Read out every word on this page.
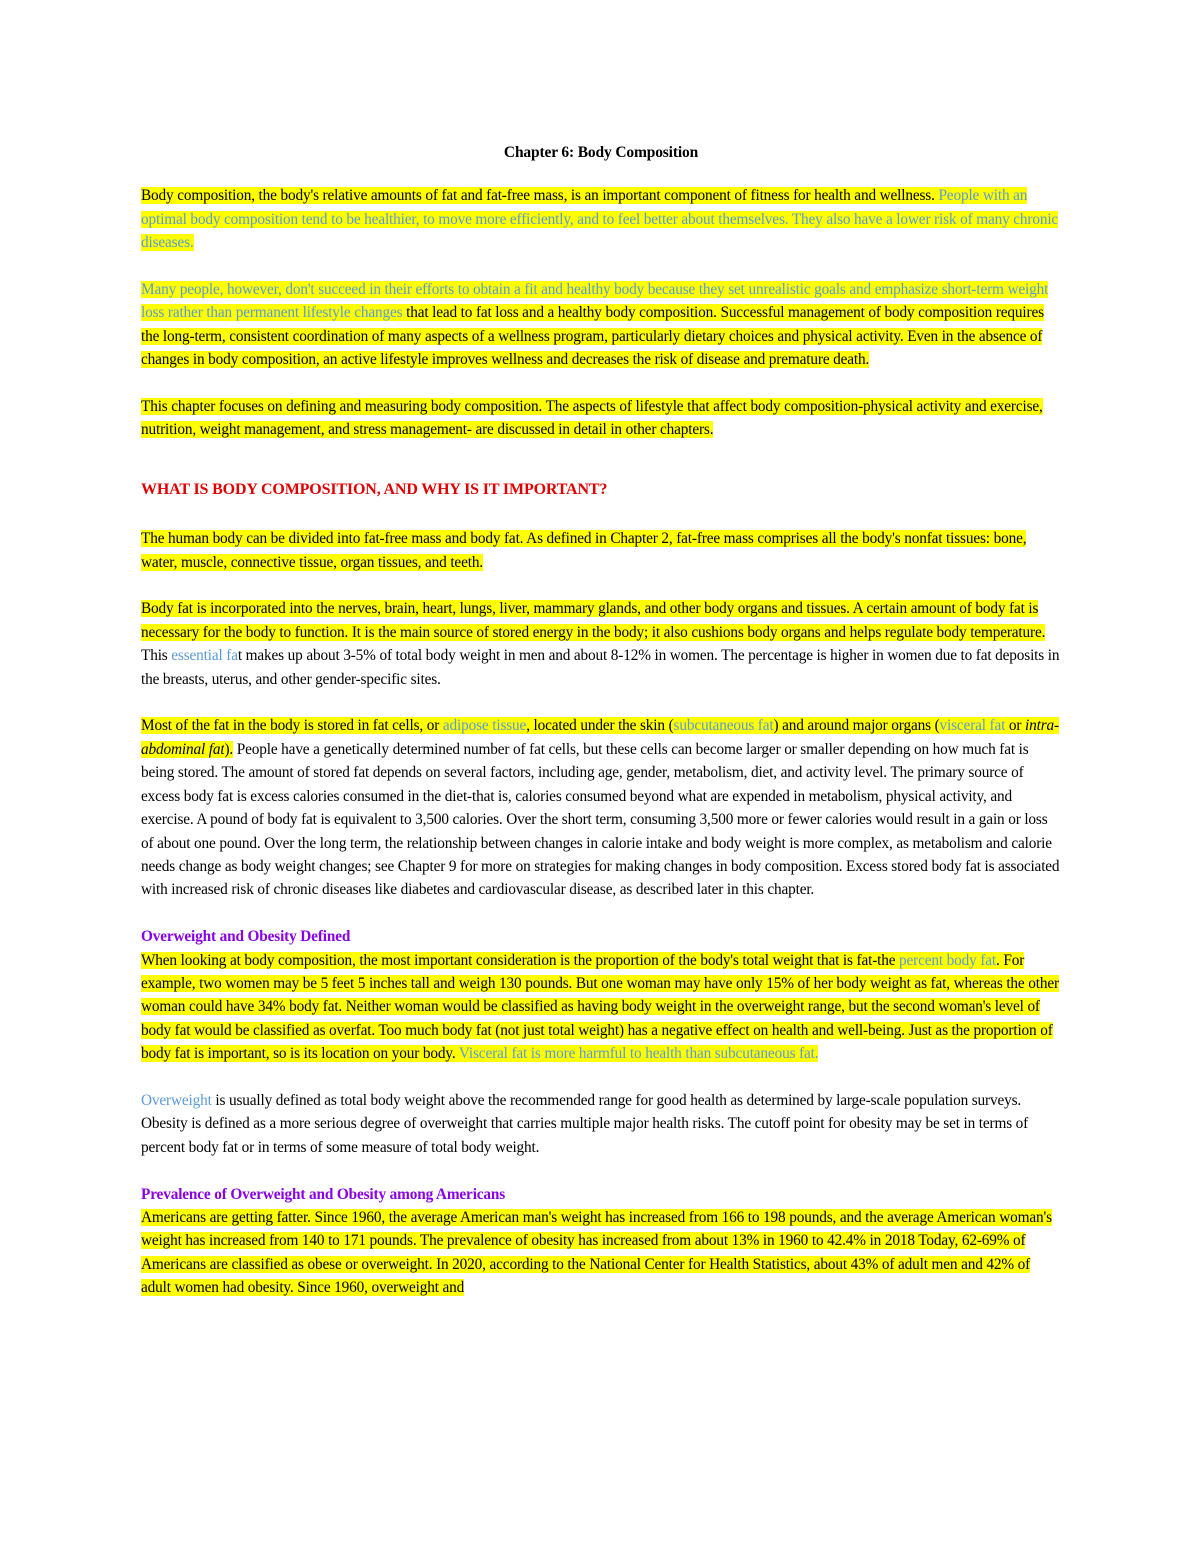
Chapter 6: Body Composition

Body composition, the body's relative amounts of fat and fat-free mass, is an important component of fitness for health and wellness. People with an optimal body composition tend to be healthier, to move more efficiently, and to feel better about themselves. They also have a lower risk of many chronic diseases.

Many people, however, don't succeed in their efforts to obtain a fit and healthy body because they set unrealistic goals and emphasize short-term weight loss rather than permanent lifestyle changes that lead to fat loss and a healthy body composition. Successful management of body composition requires the long-term, consistent coordination of many aspects of a wellness program, particularly dietary choices and physical activity. Even in the absence of changes in body composition, an active lifestyle improves wellness and decreases the risk of disease and premature death.

This chapter focuses on defining and measuring body composition. The aspects of lifestyle that affect body composition-physical activity and exercise, nutrition, weight management, and stress management- are discussed in detail in other chapters.

WHAT IS BODY COMPOSITION, AND WHY IS IT IMPORTANT?

The human body can be divided into fat-free mass and body fat. As defined in Chapter 2, fat-free mass comprises all the body's nonfat tissues: bone, water, muscle, connective tissue, organ tissues, and teeth.

Body fat is incorporated into the nerves, brain, heart, lungs, liver, mammary glands, and other body organs and tissues. A certain amount of body fat is necessary for the body to function. It is the main source of stored energy in the body; it also cushions body organs and helps regulate body temperature. This essential fat makes up about 3-5% of total body weight in men and about 8-12% in women. The percentage is higher in women due to fat deposits in the breasts, uterus, and other gender-specific sites.

Most of the fat in the body is stored in fat cells, or adipose tissue, located under the skin (subcutaneous fat) and around major organs (visceral fat or intra-abdominal fat). People have a genetically determined number of fat cells, but these cells can become larger or smaller depending on how much fat is being stored. The amount of stored fat depends on several factors, including age, gender, metabolism, diet, and activity level. The primary source of excess body fat is excess calories consumed in the diet-that is, calories consumed beyond what are expended in metabolism, physical activity, and exercise. A pound of body fat is equivalent to 3,500 calories. Over the short term, consuming 3,500 more or fewer calories would result in a gain or loss of about one pound. Over the long term, the relationship between changes in calorie intake and body weight is more complex, as metabolism and calorie needs change as body weight changes; see Chapter 9 for more on strategies for making changes in body composition. Excess stored body fat is associated with increased risk of chronic diseases like diabetes and cardiovascular disease, as described later in this chapter.

Overweight and Obesity Defined

When looking at body composition, the most important consideration is the proportion of the body's total weight that is fat-the percent body fat. For example, two women may be 5 feet 5 inches tall and weigh 130 pounds. But one woman may have only 15% of her body weight as fat, whereas the other woman could have 34% body fat. Neither woman would be classified as having body weight in the overweight range, but the second woman's level of body fat would be classified as overfat. Too much body fat (not just total weight) has a negative effect on health and well-being. Just as the proportion of body fat is important, so is its location on your body. Visceral fat is more harmful to health than subcutaneous fat.

Overweight is usually defined as total body weight above the recommended range for good health as determined by large-scale population surveys. Obesity is defined as a more serious degree of overweight that carries multiple major health risks. The cutoff point for obesity may be set in terms of percent body fat or in terms of some measure of total body weight.

Prevalence of Overweight and Obesity among Americans

Americans are getting fatter. Since 1960, the average American man's weight has increased from 166 to 198 pounds, and the average American woman's weight has increased from 140 to 171 pounds. The prevalence of obesity has increased from about 13% in 1960 to 42.4% in 2018 Today, 62-69% of Americans are classified as obese or overweight. In 2020, according to the National Center for Health Statistics, about 43% of adult men and 42% of adult women had obesity. Since 1960, overweight and
